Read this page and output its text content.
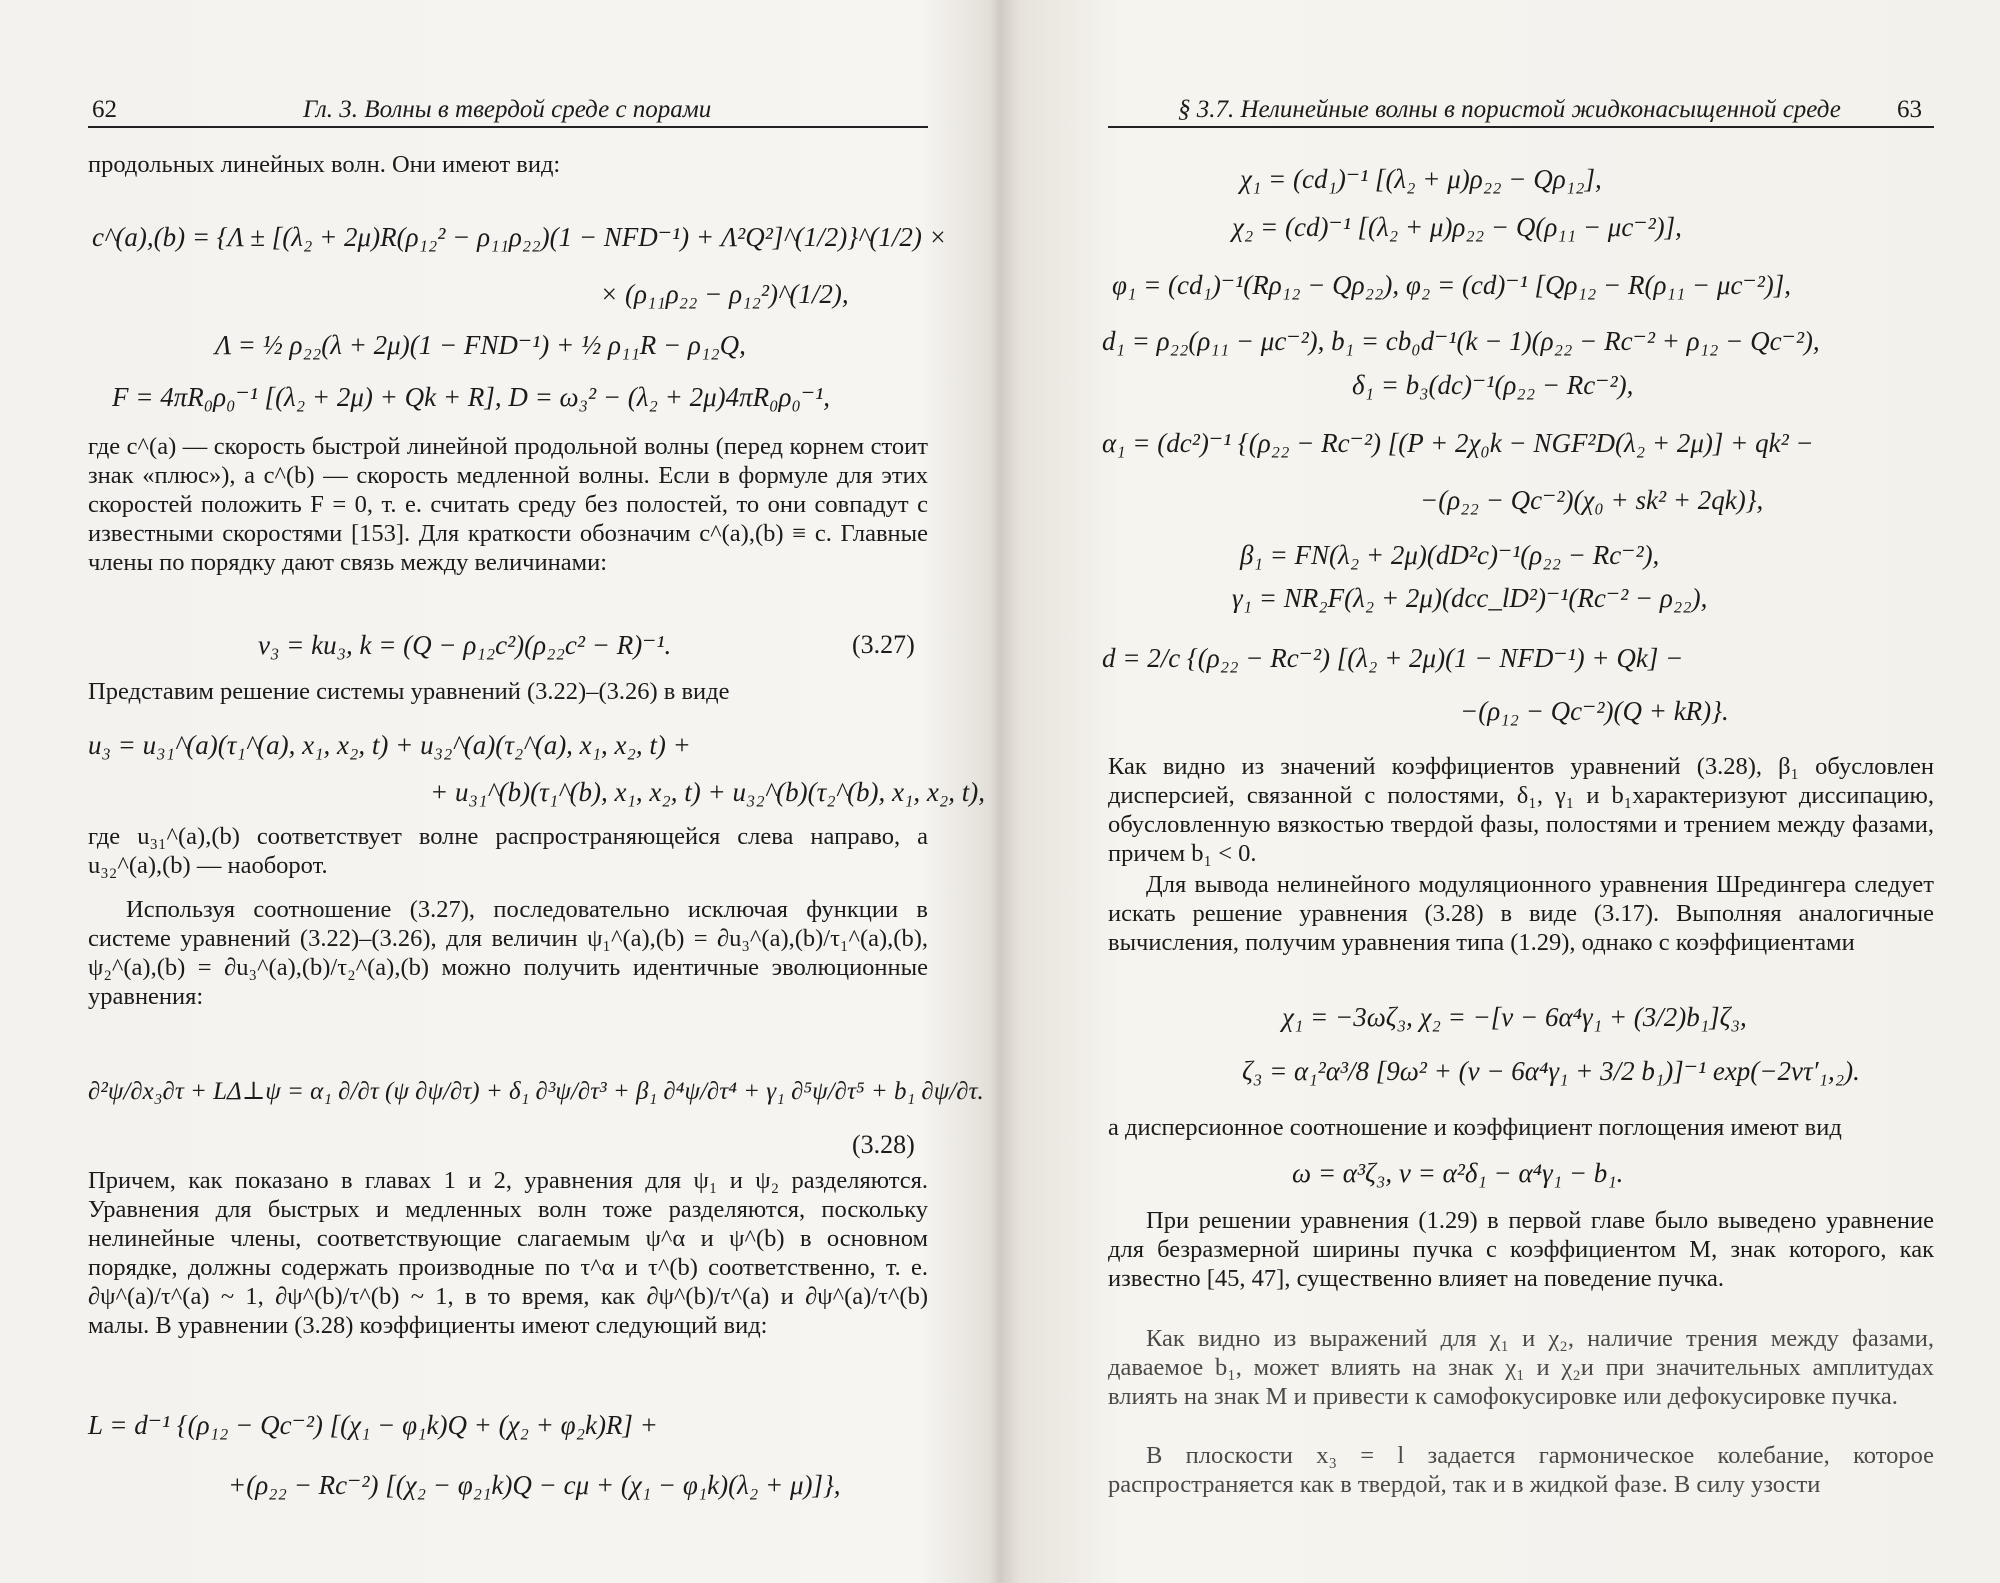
62	Гл. 3. Волны в твердой среде с порами
продольных линейных волн. Они имеют вид:
c^(a),(b) = {Λ ± [(λ₂ + 2μ)R(ρ₁₂² − ρ₁₁ρ₂₂)(1 − NFD⁻¹) + Λ²Q²]^(1/2)}^(1/2) ×
× (ρ₁₁ρ₂₂ − ρ₁₂²)^(1/2),
Λ = ½ ρ₂₂(λ + 2μ)(1 − FND⁻¹) + ½ ρ₁₁R − ρ₁₂Q,
F = 4πR₀ρ₀⁻¹ [(λ₂ + 2μ) + Qk + R], D = ω₃² − (λ₂ + 2μ)4πR₀ρ₀⁻¹,
где c^(a) — скорость быстрой линейной продольной волны (перед корнем стоит знак «плюс»), а c^(b) — скорость медленной волны. Если в формуле для этих скоростей положить F = 0, т. е. считать среду без полостей, то они совпадут с известными скоростями [153]. Для краткости обозначим c^(a),(b) ≡ c. Главные члены по порядку дают связь между величинами:
v₃ = ku₃, k = (Q − ρ₁₂c²)(ρ₂₂c² − R)⁻¹.	(3.27)
Представим решение системы уравнений (3.22)–(3.26) в виде
u₃ = u₃₁^(a)(τ₁^(a), x₁, x₂, t) + u₃₂^(a)(τ₂^(a), x₁, x₂, t) +
+ u₃₁^(b)(τ₁^(b), x₁, x₂, t) + u₃₂^(b)(τ₂^(b), x₁, x₂, t),
где u₃₁^(a),(b) соответствует волне распространяющейся слева направо, а u₃₂^(a),(b) — наоборот.
Используя соотношение (3.27), последовательно исключая функции в системе уравнений (3.22)–(3.26), для величин ψ₁^(a),(b) = ∂u₃^(a),(b)/τ₁^(a),(b), ψ₂^(a),(b) = ∂u₃^(a),(b)/τ₂^(a),(b) можно получить идентичные эволюционные уравнения:
∂²ψ/∂x₃∂τ + LΔ⊥ψ = α₁ ∂/∂τ (ψ ∂ψ/∂τ) + δ₁ ∂³ψ/∂τ³ + β₁ ∂⁴ψ/∂τ⁴ + γ₁ ∂⁵ψ/∂τ⁵ + b₁ ∂ψ/∂τ.
(3.28)
Причем, как показано в главах 1 и 2, уравнения для ψ₁ и ψ₂ разделяются. Уравнения для быстрых и медленных волн тоже разделяются, поскольку нелинейные члены, соответствующие слагаемым ψ^α и ψ^(b) в основном порядке, должны содержать производные по τ^α и τ^(b) соответственно, т. е. ∂ψ^(a)/τ^(a) ~ 1, ∂ψ^(b)/τ^(b) ~ 1, в то время, как ∂ψ^(b)/τ^(a) и ∂ψ^(a)/τ^(b) малы. В уравнении (3.28) коэффициенты имеют следующий вид:
L = d⁻¹ {(ρ₁₂ − Qc⁻²) [(χ₁ − φ₁k)Q + (χ₂ + φ₂k)R] +
+(ρ₂₂ − Rc⁻²) [(χ₂ − φ₂₁k)Q − cμ + (χ₁ − φ₁k)(λ₂ + μ)]},
§ 3.7. Нелинейные волны в пористой жидконасыщенной среде 63
χ₁ = (cd₁)⁻¹ [(λ₂ + μ)ρ₂₂ − Qρ₁₂],
χ₂ = (cd)⁻¹ [(λ₂ + μ)ρ₂₂ − Q(ρ₁₁ − μc⁻²)],
φ₁ = (cd₁)⁻¹(Rρ₁₂ − Qρ₂₂), φ₂ = (cd)⁻¹ [Qρ₁₂ − R(ρ₁₁ − μc⁻²)],
d₁ = ρ₂₂(ρ₁₁ − μc⁻²), b₁ = cb₀d⁻¹(k − 1)(ρ₂₂ − Rc⁻² + ρ₁₂ − Qc⁻²),
δ₁ = b₃(dc)⁻¹(ρ₂₂ − Rc⁻²),
α₁ = (dc²)⁻¹ {(ρ₂₂ − Rc⁻²) [(P + 2χ₀k − NGF²D(λ₂ + 2μ)] + qk² −
−(ρ₂₂ − Qc⁻²)(χ₀ + sk² + 2qk)},
β₁ = FN(λ₂ + 2μ)(dD²c)⁻¹(ρ₂₂ − Rc⁻²),
γ₁ = NR₂F(λ₂ + 2μ)(dcc_lD²)⁻¹(Rc⁻² − ρ₂₂),
d = 2/c {(ρ₂₂ − Rc⁻²) [(λ₂ + 2μ)(1 − NFD⁻¹) + Qk] −
−(ρ₁₂ − Qc⁻²)(Q + kR)}.
Как видно из значений коэффициентов уравнений (3.28), β₁ обусловлен дисперсией, связанной с полостями, δ₁, γ₁ и b₁характеризуют диссипацию, обусловленную вязкостью твердой фазы, полостями и трением между фазами, причем b₁ < 0.
Для вывода нелинейного модуляционного уравнения Шредингера следует искать решение уравнения (3.28) в виде (3.17). Выполняя аналогичные вычисления, получим уравнения типа (1.29), однако с коэффициентами
χ₁ = −3ωζ₃, χ₂ = −[ν − 6α⁴γ₁ + (3/2)b₁]ζ₃,
ζ₃ = α₁²α³/8 [9ω² + (ν − 6α⁴γ₁ + 3/2 b₁)]⁻¹ exp(−2ντ′₁,₂).
а дисперсионное соотношение и коэффициент поглощения имеют вид
ω = α³ζ₃, ν = α²δ₁ − α⁴γ₁ − b₁.
При решении уравнения (1.29) в первой главе было выведено уравнение для безразмерной ширины пучка с коэффициентом M, знак которого, как известно [45, 47], существенно влияет на поведение пучка.
Как видно из выражений для χ₁ и χ₂, наличие трения между фазами, даваемое b₁, может влиять на знак χ₁ и χ₂и при значительных амплитудах влиять на знак M и привести к самофокусировке или дефокусировке пучка.
В плоскости x₃ = l задается гармоническое колебание, которое распространяется как в твердой, так и в жидкой фазе. В силу узости
